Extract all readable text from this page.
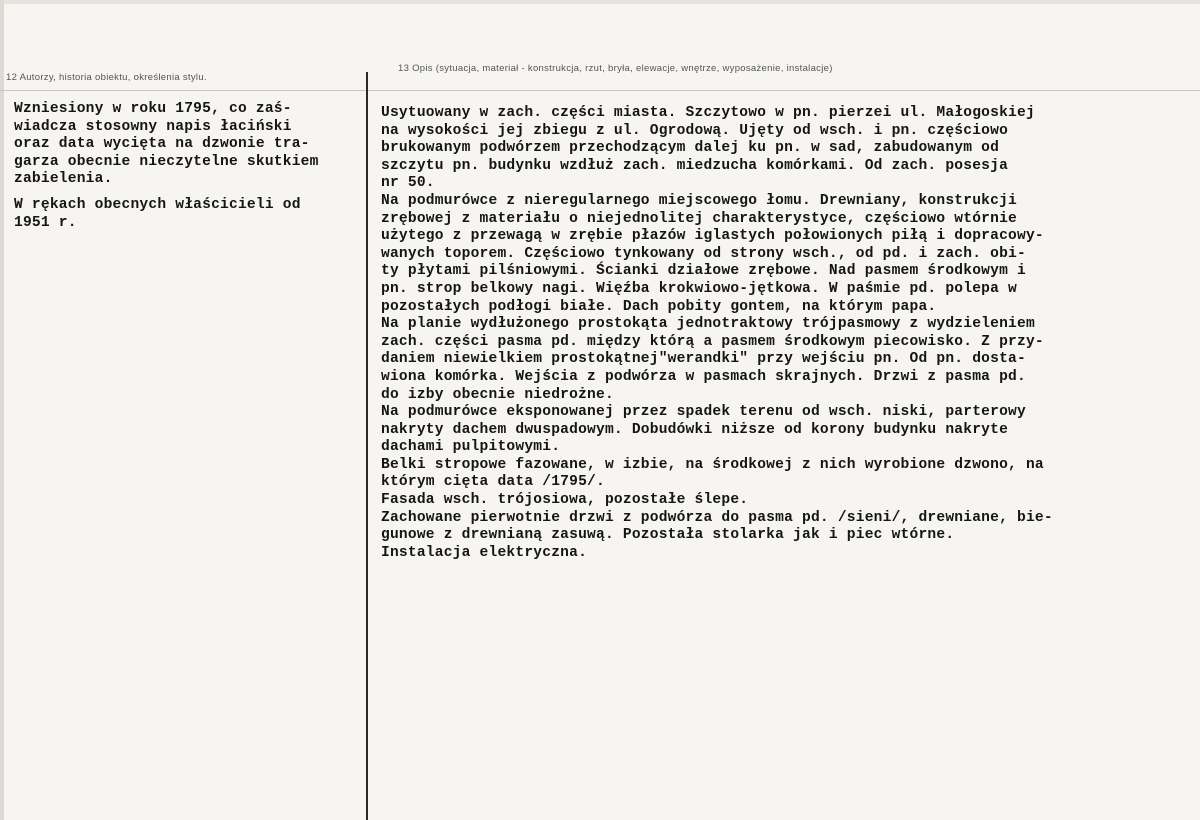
12 Autorzy, historia obiektu, określenia stylu.
13 Opis (sytuacja, materiał - konstrukcja, rzut, bryła, elewacje, wnętrze, wyposażenie, instalacje)
Wzniesiony w roku 1795, co zaś-
wiadcza stosowny napis łaciński
oraz data wycięta na dzwonie tra-
garza obecnie nieczytelne skutkiem
zabielenia.
W rękach obecnych właścicieli od
1951 r.
Usytuowany w zach. części miasta. Szczytowo w pn. pierzei ul. Małogoskiej
na wysokości jej zbiegu z ul. Ogrodową. Ujęty od wsch. i pn. częściowo
brukowanym podwórzem przechodzącym dalej ku pn. w sad, zabudowanym od
szczytu pn. budynku wzdłuż zach. miedzucha komórkami. Od zach. posesja
nr 50.
Na podmurówce z nieregularnego miejscowego łomu. Drewniany, konstrukcji
zrębowej z materiału o niejednolitej charakterystyce, częściowo wtórnie
użytego z przewagą w zrębie płazów iglastych połowionych piłą i dopracowy-
wanych toporem. Częściowo tynkowany od strony wsch., od pd. i zach. obi-
ty płytami pilśniowymi. Ścianki działowe zrębowe. Nad pasmem środkowym i
pn. strop belkowy nagi. Więźba krokwiowo-jętkowa. W paśmie pd. polepa w
pozostałych podłogi białe. Dach pobity gontem, na którym papa.
Na planie wydłużonego prostokąta jednotraktowy trójpasmowy z wydzieleniem
zach. części pasma pd. między którą a pasmem środkowym piecowisko. Z przy-
daniem niewielkiem prostokątnej"werandki" przy wejściu pn. Od pn. dosta-
wiona komórka. Wejścia z podwórza w pasmach skrajnych. Drzwi z pasma pd.
do izby obecnie niedrożne.
Na podmurówce eksponowanej przez spadek terenu od wsch. niski, parterowy
nakryty dachem dwuspadowym. Dobudówki niższe od korony budynku nakryte
dachami pulpitowymi.
Belki stropowe fazowane, w izbie, na środkowej z nich wyrobione dzwono, na
którym cięta data /1795/.
Fasada wsch. trójosiowa, pozostałe ślepe.
Zachowane pierwotnie drzwi z podwórza do pasma pd. /sieni/, drewniane, bie-
gunowe z drewnianą zasuwą. Pozostała stolarka jak i piec wtórne.
Instalacja elektryczna.
